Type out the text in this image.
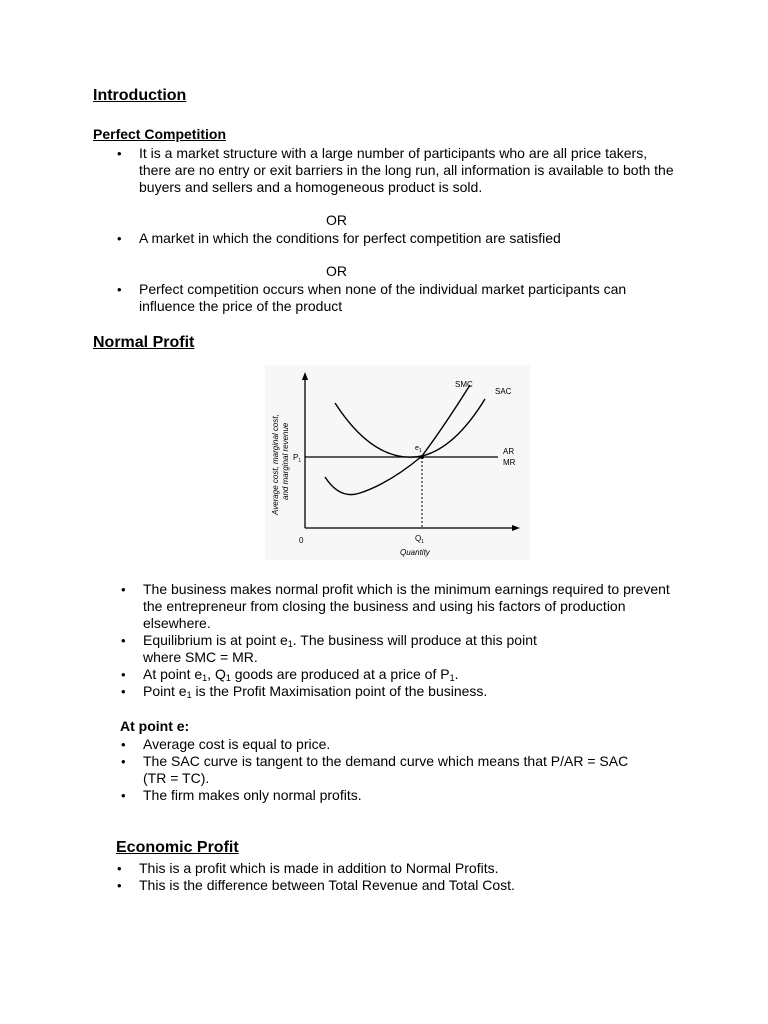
Introduction
Perfect Competition
• It is a market structure with a large number of participants who are all price takers, there are no entry or exit barriers in the long run, all information is available to both the buyers and sellers and a homogeneous product is sold.
OR
• A market in which the conditions for perfect competition are satisfied
OR
• Perfect competition occurs when none of the individual market participants can influence the price of the product
Normal Profit
Average cost, marginal cost, and marginal revenue	$e_1$
$P_1$
$Q_1$
0
Quantity
SMC
SAC
AR
MR
• The business makes normal profit which is the minimum earnings required to prevent the entrepreneur from closing the business and using his factors of production elsewhere.
• Equilibrium is at point $e_1$. The business will produce at this point
where SMC = MR.
• At point $e_1$, $Q_1$ goods are produced at a price of $P_1$.
• Point $e_1$ is the Profit Maximisation point of the business.
At point e:
• Average cost is equal to price.
• The SAC curve is tangent to the demand curve which means that P/AR = SAC (TR = TC).
• The firm makes only normal profits.
Economic Profit
• This is a profit which is made in addition to Normal Profits.
• This is the difference between Total Revenue and Total Cost.
